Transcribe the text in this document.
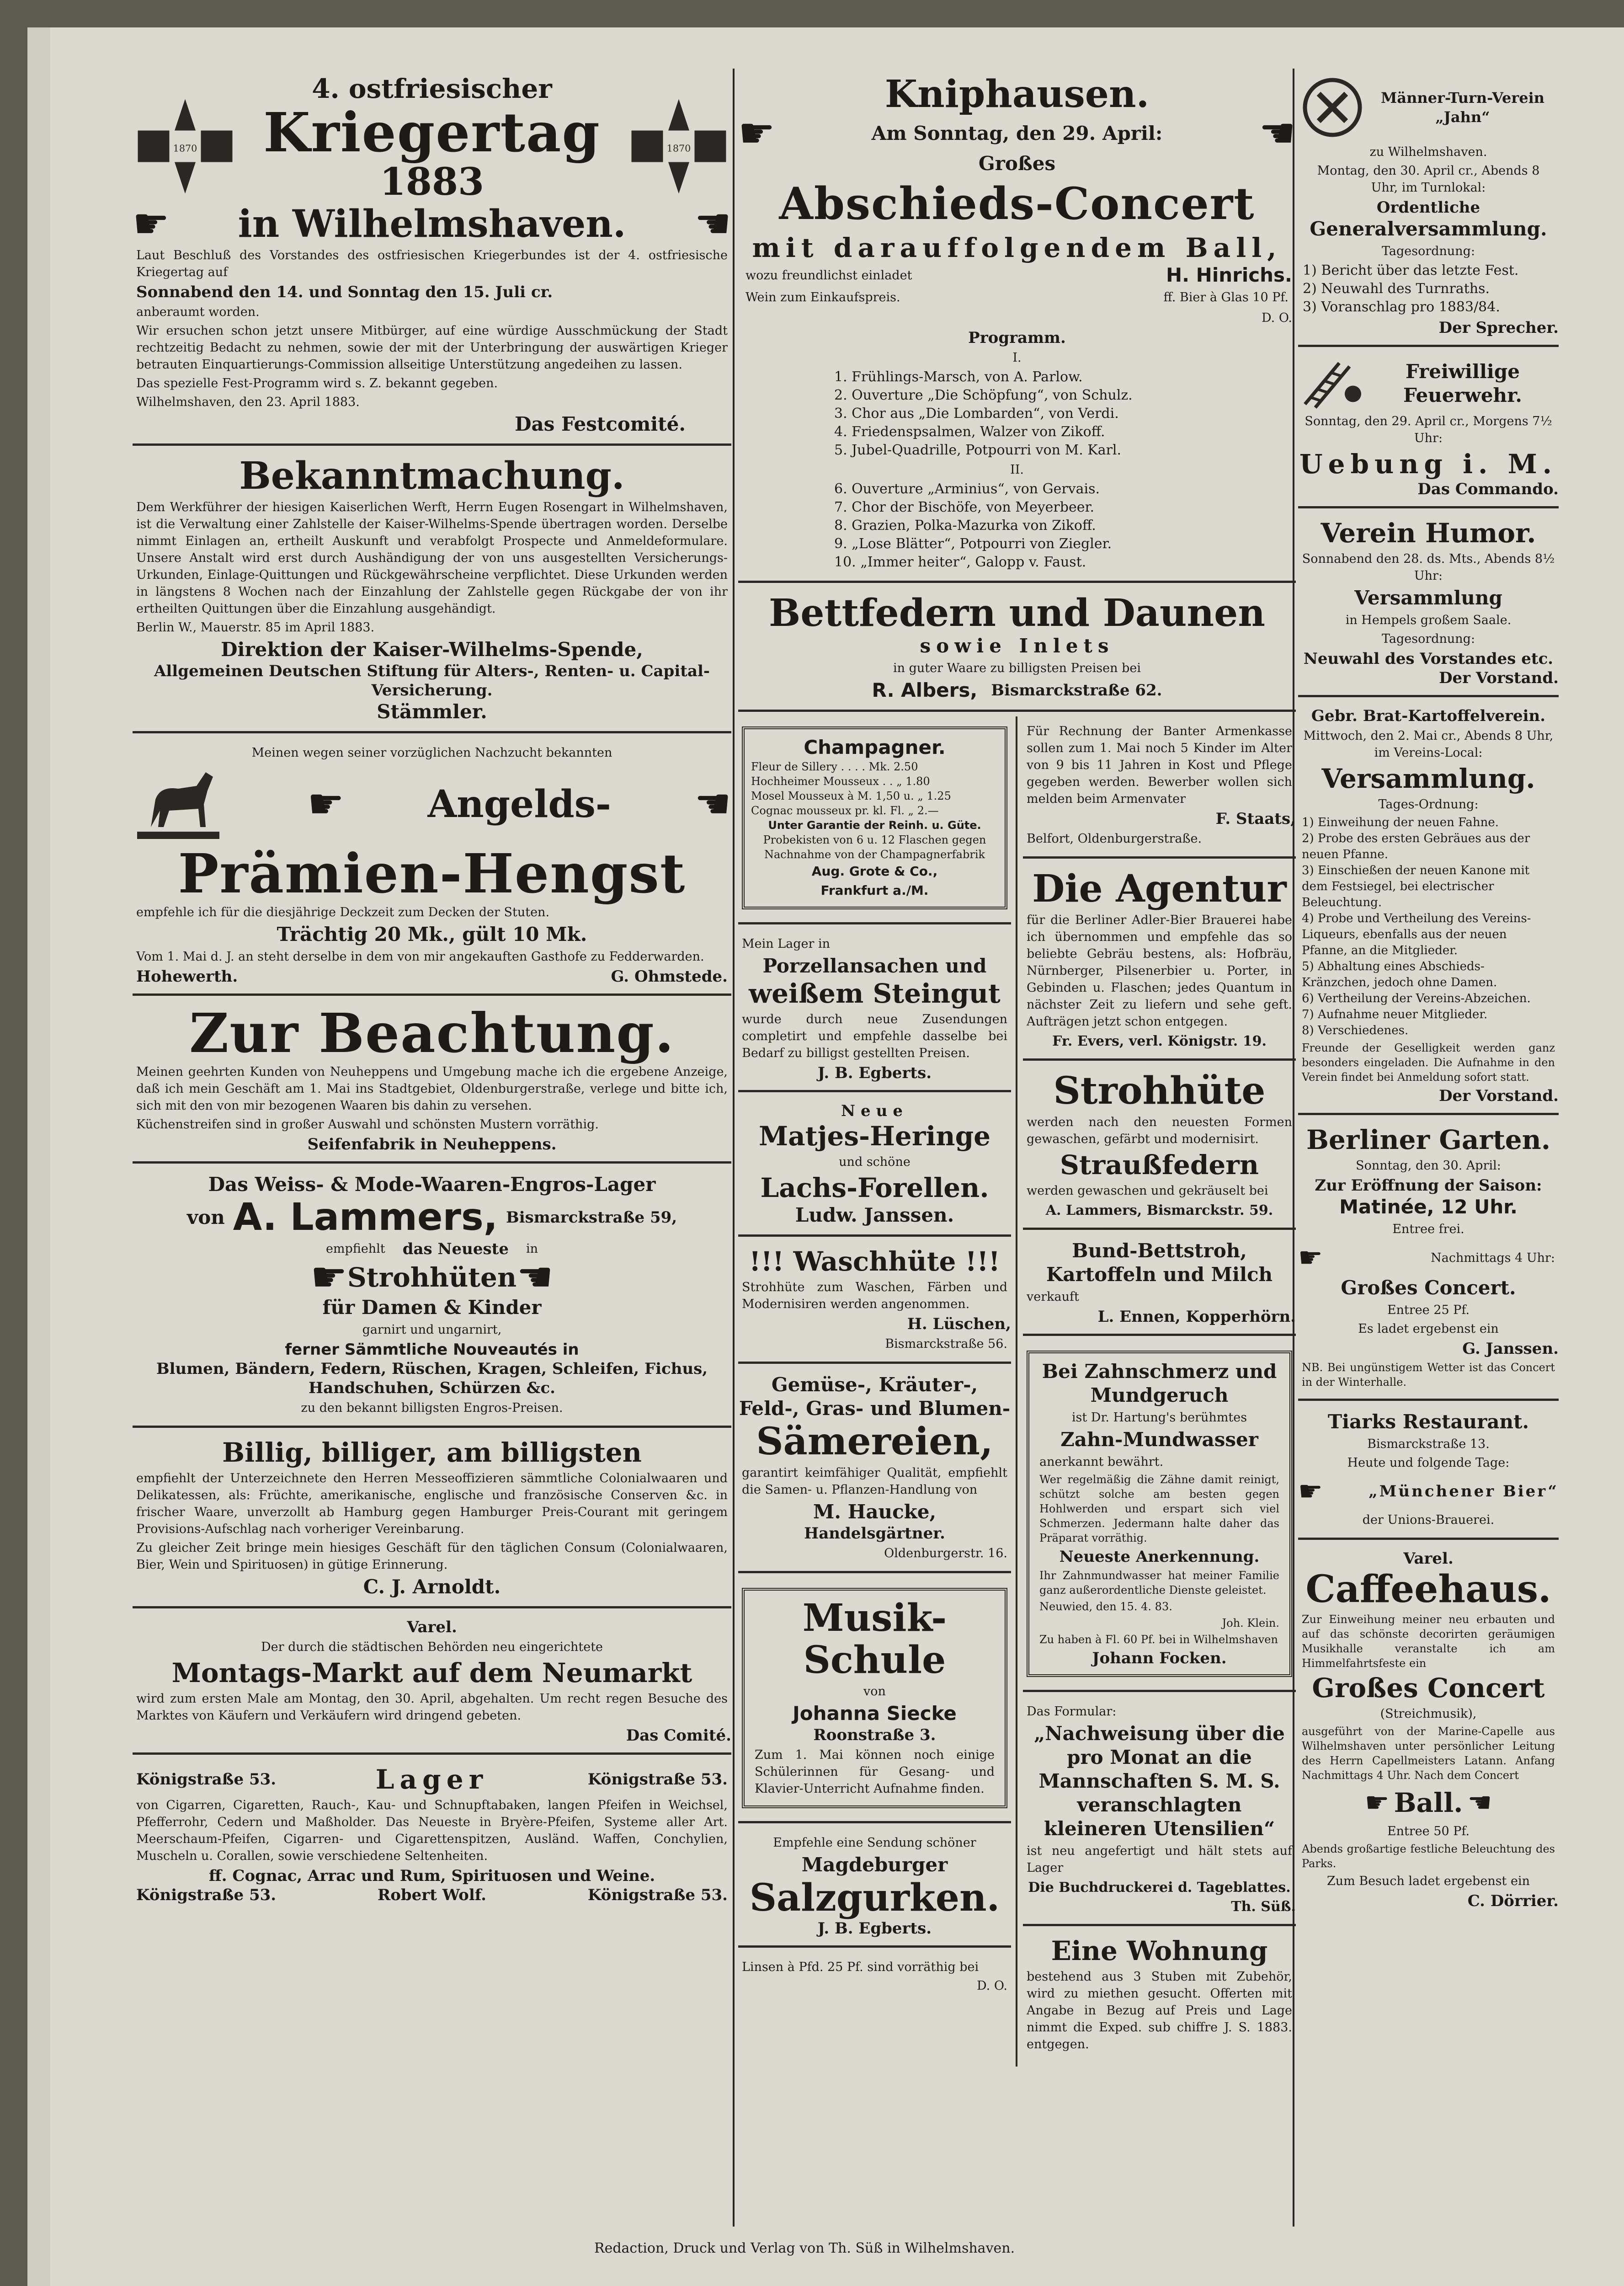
1870
4. ostfriesischer
Kriegertag
1883
1870
☛ in Wilhelmshaven. ☚
Laut Beschluß des Vorstandes des ostfriesischen Kriegerbundes ist der 4. ostfriesische Kriegertag auf
Sonnabend den 14. und Sonntag den 15. Juli cr.
anberaumt worden.
Wir ersuchen schon jetzt unsere Mitbürger, auf eine würdige Ausschmückung der Stadt rechtzeitig Bedacht zu nehmen, sowie der mit der Unterbringung der auswärtigen Krieger betrauten Einquartierungs-Commission allseitige Unterstützung angedeihen zu lassen.
Das spezielle Fest-Programm wird s. Z. bekannt gegeben.
Wilhelmshaven, den 23. April 1883.
Das Festcomité.
Bekanntmachung.
Dem Werkführer der hiesigen Kaiserlichen Werft, Herrn Eugen Rosengart in Wilhelmshaven, ist die Verwaltung einer Zahlstelle der Kaiser-Wilhelms-Spende übertragen worden. Derselbe nimmt Einlagen an, ertheilt Auskunft und verabfolgt Prospecte und Anmeldeformulare. Unsere Anstalt wird erst durch Aushändigung der von uns ausgestellten Versicherungs-Urkunden, Einlage-Quittungen und Rückgewährscheine verpflichtet. Diese Urkunden werden in längstens 8 Wochen nach der Einzahlung der Zahlstelle gegen Rückgabe der von ihr ertheilten Quittungen über die Einzahlung ausgehändigt.
Berlin W., Mauerstr. 85 im April 1883.
Direktion der Kaiser-Wilhelms-Spende,
Allgemeinen Deutschen Stiftung für Alters-, Renten- u. Capital-Versicherung.
Stämmler.
Meinen wegen seiner vorzüglichen Nachzucht bekannten
☛ Angelds- ☚
Prämien-Hengst
empfehle ich für die diesjährige Deckzeit zum Decken der Stuten.
Trächtig 20 Mk., gült 10 Mk.
Vom 1. Mai d. J. an steht derselbe in dem von mir angekauften Gasthofe zu Fedderwarden.
Hohewerth.	G. Ohmstede.
Zur Beachtung.
Meinen geehrten Kunden von Neuheppens und Umgebung mache ich die ergebene Anzeige, daß ich mein Geschäft am 1. Mai ins Stadtgebiet, Oldenburgerstraße, verlege und bitte ich, sich mit den von mir bezogenen Waaren bis dahin zu versehen.
Küchenstreifen sind in großer Auswahl und schönsten Mustern vorräthig.
Seifenfabrik in Neuheppens.
Das Weiss- & Mode-Waaren-Engros-Lager
von A. Lammers, Bismarckstraße 59,
empfiehlt das Neueste in
☛ Strohhüten ☚
für Damen & Kinder
garnirt und ungarnirt,
ferner Sämmtliche Nouveautés in
Blumen, Bändern, Federn, Rüschen, Kragen, Schleifen, Fichus, Handschuhen, Schürzen &c.
zu den bekannt billigsten Engros-Preisen.
Billig, billiger, am billigsten
empfiehlt der Unterzeichnete den Herren Messeoffizieren sämmtliche Colonialwaaren und Delikatessen, als: Früchte, amerikanische, englische und französische Conserven &c. in frischer Waare, unverzollt ab Hamburg gegen Hamburger Preis-Courant mit geringem Provisions-Aufschlag nach vorheriger Vereinbarung.
Zu gleicher Zeit bringe mein hiesiges Geschäft für den täglichen Consum (Colonialwaaren, Bier, Wein und Spirituosen) in gütige Erinnerung.
C. J. Arnoldt.
Varel.
Der durch die städtischen Behörden neu eingerichtete
Montags-Markt auf dem Neumarkt
wird zum ersten Male am Montag, den 30. April, abgehalten. Um recht regen Besuche des Marktes von Käufern und Verkäufern wird dringend gebeten.
Das Comité.
Königstraße 53.	Lager	Königstraße 53.
von Cigarren, Cigaretten, Rauch-, Kau- und Schnupftabaken, langen Pfeifen in Weichsel, Pfefferrohr, Cedern und Maßholder. Das Neueste in Bryère-Pfeifen, Systeme aller Art. Meerschaum-Pfeifen, Cigarren- und Cigarettenspitzen, Ausländ. Waffen, Conchylien, Muscheln u. Corallen, sowie verschiedene Seltenheiten.
ff. Cognac, Arrac und Rum, Spirituosen und Weine.
Königstraße 53.	Robert Wolf.	Königstraße 53.
Kniphausen.
☛	Am Sonntag, den 29. April: ☚
Großes
Abschieds-Concert
mit darauffolgendem Ball,
wozu freundlichst einladet	H. Hinrichs.
Wein zum Einkaufspreis.	ff. Bier à Glas 10 Pf.
D. O.
Programm.
I.
1. Frühlings-Marsch, von A. Parlow.
2. Ouverture „Die Schöpfung“, von Schulz.
3. Chor aus „Die Lombarden“, von Verdi.
4. Friedenspsalmen, Walzer von Zikoff.
5. Jubel-Quadrille, Potpourri von M. Karl.
II.
6. Ouverture „Arminius“, von Gervais.
7. Chor der Bischöfe, von Meyerbeer.
8. Grazien, Polka-Mazurka von Zikoff.
9. „Lose Blätter“, Potpourri von Ziegler.
10. „Immer heiter“, Galopp v. Faust.
Bettfedern und Daunen
sowie Inlets
in guter Waare zu billigsten Preisen bei
R. Albers, Bismarckstraße 62.
Champagner.
Fleur de Sillery . . . . Mk. 2.50
Hochheimer Mousseux . . „ 1.80
Mosel Mousseux à M. 1,50 u. „ 1.25
Cognac mousseux pr. kl. Fl. „ 2.—
Unter Garantie der Reinh. u. Güte.
Probekisten von 6 u. 12 Flaschen gegen Nachnahme von der Champagnerfabrik
Aug. Grote & Co.,
Frankfurt a./M.
Mein Lager in
Porzellansachen und
weißem Steingut
wurde durch neue Zusendungen completirt und empfehle dasselbe bei Bedarf zu billigst gestellten Preisen.
J. B. Egberts.
Neue
Matjes-Heringe
und schöne
Lachs-Forellen.
Ludw. Janssen.
!!! Waschhüte !!!
Strohhüte zum Waschen, Färben und Modernisiren werden angenommen.
H. Lüschen,
Bismarckstraße 56.
Gemüse-, Kräuter-, Feld-, Gras- und Blumen-
Sämereien,
garantirt keimfähiger Qualität, empfiehlt die Samen- u. Pflanzen-Handlung von
M. Haucke,
Handelsgärtner.
Oldenburgerstr. 16.
Musik-Schule
von
Johanna Siecke
Roonstraße 3.
Zum 1. Mai können noch einige Schülerinnen für Gesang- und Klavier-Unterricht Aufnahme finden.
Empfehle eine Sendung schöner
Magdeburger
Salzgurken.
J. B. Egberts.
Linsen à Pfd. 25 Pf. sind vorräthig bei
D. O.
Für Rechnung der Banter Armenkasse sollen zum 1. Mai noch 5 Kinder im Alter von 9 bis 11 Jahren in Kost und Pflege gegeben werden. Bewerber wollen sich melden beim Armenvater
F. Staats,
Belfort, Oldenburgerstraße.
Die Agentur
für die Berliner Adler-Bier Brauerei habe ich übernommen und empfehle das so beliebte Gebräu bestens, als: Hofbräu, Nürnberger, Pilsenerbier u. Porter, in Gebinden u. Flaschen; jedes Quantum in nächster Zeit zu liefern und sehe geft. Aufträgen jetzt schon entgegen.
Fr. Evers, verl. Königstr. 19.
Strohhüte
werden nach den neuesten Formen gewaschen, gefärbt und modernisirt.
Straußfedern
werden gewaschen und gekräuselt bei
A. Lammers, Bismarckstr. 59.
Bund-Bettstroh, Kartoffeln und Milch
verkauft
L. Ennen, Kopperhörn.
Bei Zahnschmerz und Mundgeruch
ist Dr. Hartung's berühmtes
Zahn-Mundwasser
anerkannt bewährt.
Wer regelmäßig die Zähne damit reinigt, schützt solche am besten gegen Hohlwerden und erspart sich viel Schmerzen. Jedermann halte daher das Präparat vorräthig.
Neueste Anerkennung.
Ihr Zahnmundwasser hat meiner Familie ganz außerordentliche Dienste geleistet.
Neuwied, den 15. 4. 83.
Joh. Klein.
Zu haben à Fl. 60 Pf. bei in Wilhelmshaven
Johann Focken.
Das Formular:
„Nachweisung über die pro Monat an die Mannschaften S. M. S. veranschlagten kleineren Utensilien“
ist neu angefertigt und hält stets auf Lager
Die Buchdruckerei d. Tageblattes.
Th. Süß.
Eine Wohnung
bestehend aus 3 Stuben mit Zubehör, wird zu miethen gesucht. Offerten mit Angabe in Bezug auf Preis und Lage nimmt die Exped. sub chiffre J. S. 1883. entgegen.
Männer-Turn-Verein „Jahn“
zu Wilhelmshaven.
Montag, den 30. April cr., Abends 8 Uhr, im Turnlokal:
Ordentliche
Generalversammlung.
Tagesordnung:
1) Bericht über das letzte Fest.
2) Neuwahl des Turnraths.
3) Voranschlag pro 1883/84.
Der Sprecher.
Freiwillige Feuerwehr.
Sonntag, den 29. April cr., Morgens 7½ Uhr:
Uebung i. M.
Das Commando.
Verein Humor.
Sonnabend den 28. ds. Mts., Abends 8½ Uhr:
Versammlung
in Hempels großem Saale.
Tagesordnung:
Neuwahl des Vorstandes etc.
Der Vorstand.
Gebr. Brat-Kartoffelverein.
Mittwoch, den 2. Mai cr., Abends 8 Uhr, im Vereins-Local:
Versammlung.
Tages-Ordnung:
1) Einweihung der neuen Fahne.
2) Probe des ersten Gebräues aus der neuen Pfanne.
3) Einschießen der neuen Kanone mit dem Festsiegel, bei electrischer Beleuchtung.
4) Probe und Vertheilung des Vereins-Liqueurs, ebenfalls aus der neuen Pfanne, an die Mitglieder.
5) Abhaltung eines Abschieds-Kränzchen, jedoch ohne Damen.
6) Vertheilung der Vereins-Abzeichen.
7) Aufnahme neuer Mitglieder.
8) Verschiedenes.
Freunde der Geselligkeit werden ganz besonders eingeladen. Die Aufnahme in den Verein findet bei Anmeldung sofort statt.
Der Vorstand.
Berliner Garten.
Sonntag, den 30. April:
Zur Eröffnung der Saison:
Matinée, 12 Uhr.
Entree frei.
☛	Nachmittags 4 Uhr:
Großes Concert.
Entree 25 Pf.
Es ladet ergebenst ein
G. Janssen.
NB. Bei ungünstigem Wetter ist das Concert in der Winterhalle.
Tiarks Restaurant.
Bismarckstraße 13.
Heute und folgende Tage:
☛	„Münchener Bier“
der Unions-Brauerei.
Varel.
Caffeehaus.
Zur Einweihung meiner neu erbauten und auf das schönste decorirten geräumigen Musikhalle veranstalte ich am Himmelfahrtsfeste ein
Großes Concert
(Streichmusik),
ausgeführt von der Marine-Capelle aus Wilhelmshaven unter persönlicher Leitung des Herrn Capellmeisters Latann. Anfang Nachmittags 4 Uhr. Nach dem Concert
☛ Ball. ☚
Entree 50 Pf.
Abends großartige festliche Beleuchtung des Parks.
Zum Besuch ladet ergebenst ein
C. Dörrier.
Redaction, Druck und Verlag von Th. Süß in Wilhelmshaven.
